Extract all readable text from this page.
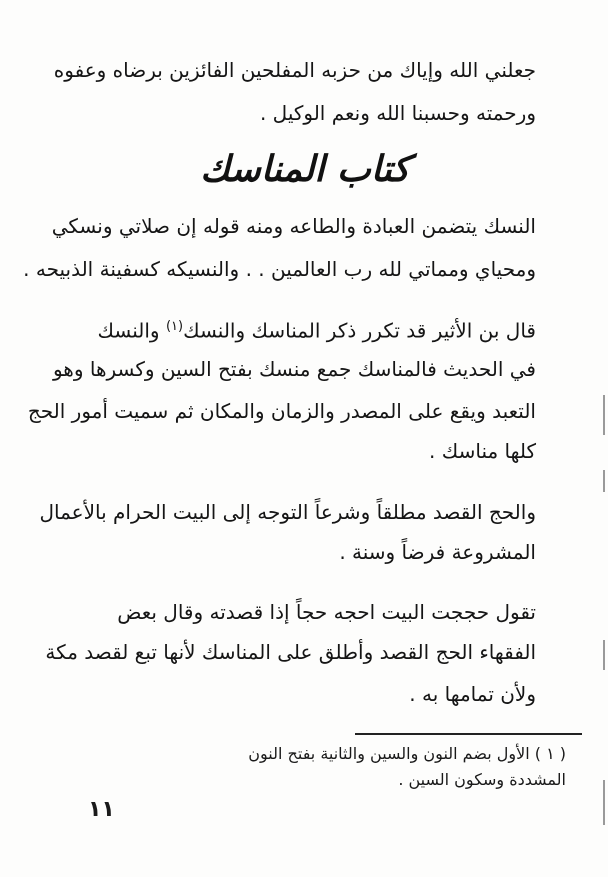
جعلني الله وإياك من حزبه المفلحين الفائزين برضاه وعفوه
ورحمته وحسبنا الله ونعم الوكيل .
كتاب المناسك
النسك يتضمن العبادة والطاعه ومنه قوله إن صلاتي ونسكي
ومحياي ومماتي لله رب العالمين . . والنسيكه كسفينة الذبيحه .
قال بن الأثير قد تكرر ذكر المناسك والنسك$^{(١)}$ والنسك
في الحديث فالمناسك جمع منسك بفتح السين وكسرها وهو
التعبد ويقع على المصدر والزمان والمكان ثم سميت أمور الحج
كلها مناسك .
والحج القصد مطلقاً وشرعاً التوجه إلى البيت الحرام بالأعمال
المشروعة فرضاً وسنة .
تقول حججت البيت احجه حجاً إذا قصدته وقال بعض
الفقهاء الحج القصد وأطلق على المناسك لأنها تبع لقصد مكة
ولأن تمامها به .
( ١ ) الأول بضم النون والسين والثانية بفتح النون
المشددة وسكون السين .
١١
